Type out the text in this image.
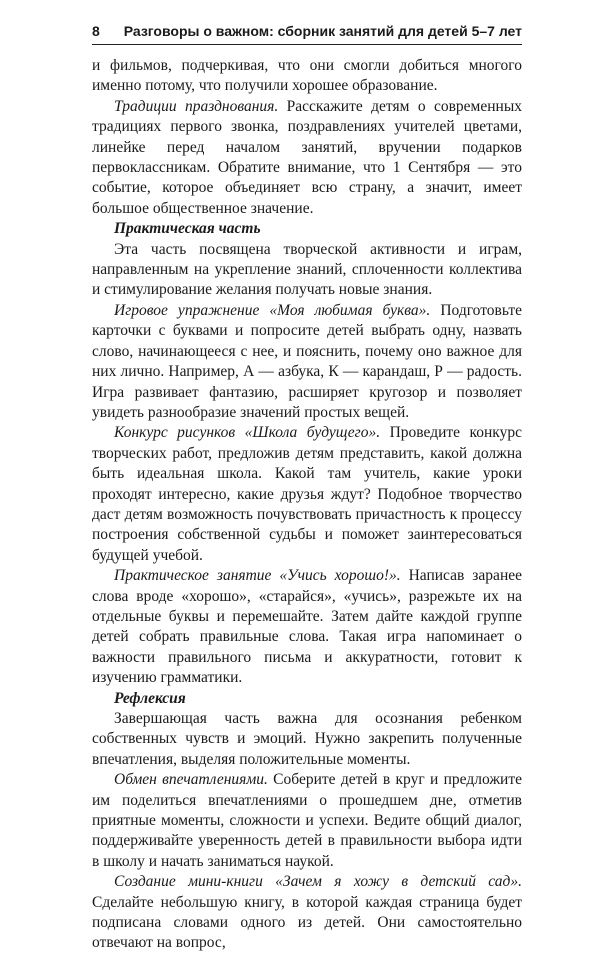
8 Разговоры о важном: сборник занятий для детей 5–7 лет

и фильмов, подчеркивая, что они смогли добиться многого именно потому, что получили хорошее образование.

Традиции празднования. Расскажите детям о современных традициях первого звонка, поздравлениях учителей цветами, линейке перед началом занятий, вручении подарков первоклассникам. Обратите внимание, что 1 Сентября — это событие, которое объединяет всю страну, а значит, имеет большое общественное значение.

Практическая часть

Эта часть посвящена творческой активности и играм, направленным на укрепление знаний, сплоченности коллектива и стимулирование желания получать новые знания.

Игровое упражнение «Моя любимая буква». Подготовьте карточки с буквами и попросите детей выбрать одну, назвать слово, начинающееся с нее, и пояснить, почему оно важное для них лично. Например, А — азбука, К — карандаш, Р — радость. Игра развивает фантазию, расширяет кругозор и позволяет увидеть разнообразие значений простых вещей.

Конкурс рисунков «Школа будущего». Проведите конкурс творческих работ, предложив детям представить, какой должна быть идеальная школа. Какой там учитель, какие уроки проходят интересно, какие друзья ждут? Подобное творчество даст детям возможность почувствовать причастность к процессу построения собственной судьбы и поможет заинтересоваться будущей учебой.

Практическое занятие «Учись хорошо!». Написав заранее слова вроде «хорошо», «старайся», «учись», разрежьте их на отдельные буквы и перемешайте. Затем дайте каждой группе детей собрать правильные слова. Такая игра напоминает о важности правильного письма и аккуратности, готовит к изучению грамматики.

Рефлексия

Завершающая часть важна для осознания ребенком собственных чувств и эмоций. Нужно закрепить полученные впечатления, выделяя положительные моменты.

Обмен впечатлениями. Соберите детей в круг и предложите им поделиться впечатлениями о прошедшем дне, отметив приятные моменты, сложности и успехи. Ведите общий диалог, поддерживайте уверенность детей в правильности выбора идти в школу и начать заниматься наукой.

Создание мини-книги «Зачем я хожу в детский сад». Сделайте небольшую книгу, в которой каждая страница будет подписана словами одного из детей. Они самостоятельно отвечают на вопрос,
